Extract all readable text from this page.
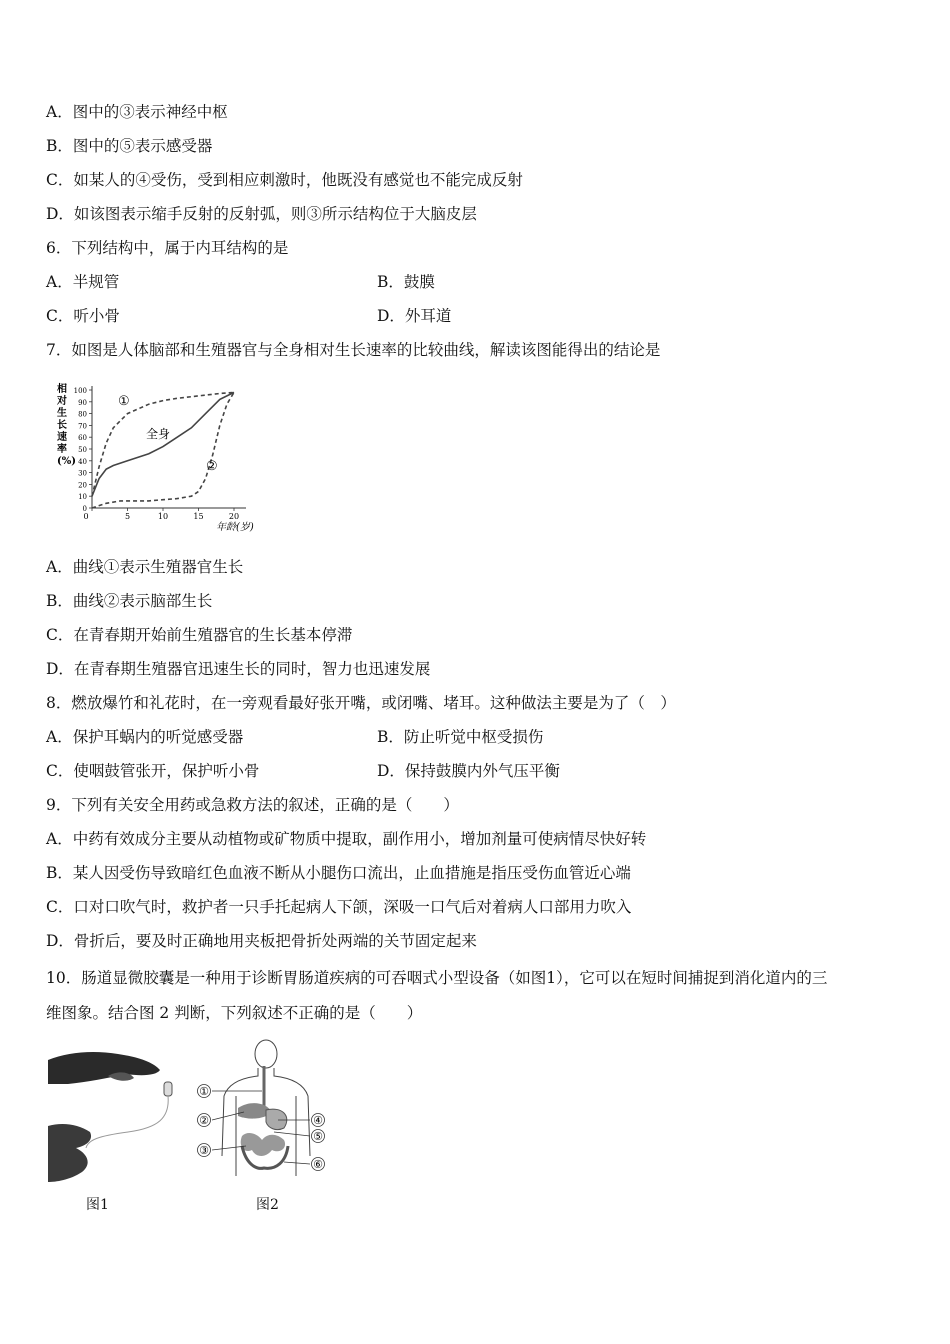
A．图中的③表示神经中枢
B．图中的⑤表示感受器
C．如某人的④受伤，受到相应刺激时，他既没有感觉也不能完成反射
D．如该图表示缩手反射的反射弧，则③所示结构位于大脑皮层
6．下列结构中，属于内耳结构的是
A．半规管	B．鼓膜
C．听小骨	D．外耳道
7．如图是人体脑部和生殖器官与全身相对生长速率的比较曲线，解读该图能得出的结论是
0
10
20
30
40
50
60
70
80
90
100
0	5	10	15	20
相对生长速率(%)
年龄(岁)
①
全身
②
A．曲线①表示生殖器官生长
B．曲线②表示脑部生长
C．在青春期开始前生殖器官的生长基本停滞
D．在青春期生殖器官迅速生长的同时，智力也迅速发展
8．燃放爆竹和礼花时，在一旁观看最好张开嘴，或闭嘴、堵耳。这种做法主要是为了（　）
A．保护耳蜗内的听觉感受器	B．防止听觉中枢受损伤
C．使咽鼓管张开，保护听小骨	D．保持鼓膜内外气压平衡
9．下列有关安全用药或急救方法的叙述，正确的是（　　）
A．中药有效成分主要从动植物或矿物质中提取，副作用小，增加剂量可使病情尽快好转
B．某人因受伤导致暗红色血液不断从小腿伤口流出，止血措施是指压受伤血管近心端
C．口对口吹气时，救护者一只手托起病人下颌，深吸一口气后对着病人口部用力吹入
D．骨折后，要及时正确地用夹板把骨折处两端的关节固定起来
10．肠道显微胶囊是一种用于诊断胃肠道疾病的可吞咽式小型设备（如图1），它可以在短时间捕捉到消化道内的三
维图象。结合图 2 判断，下列叙述不正确的是（　　）
图1
①
②
③
④
⑤
⑥
图2
